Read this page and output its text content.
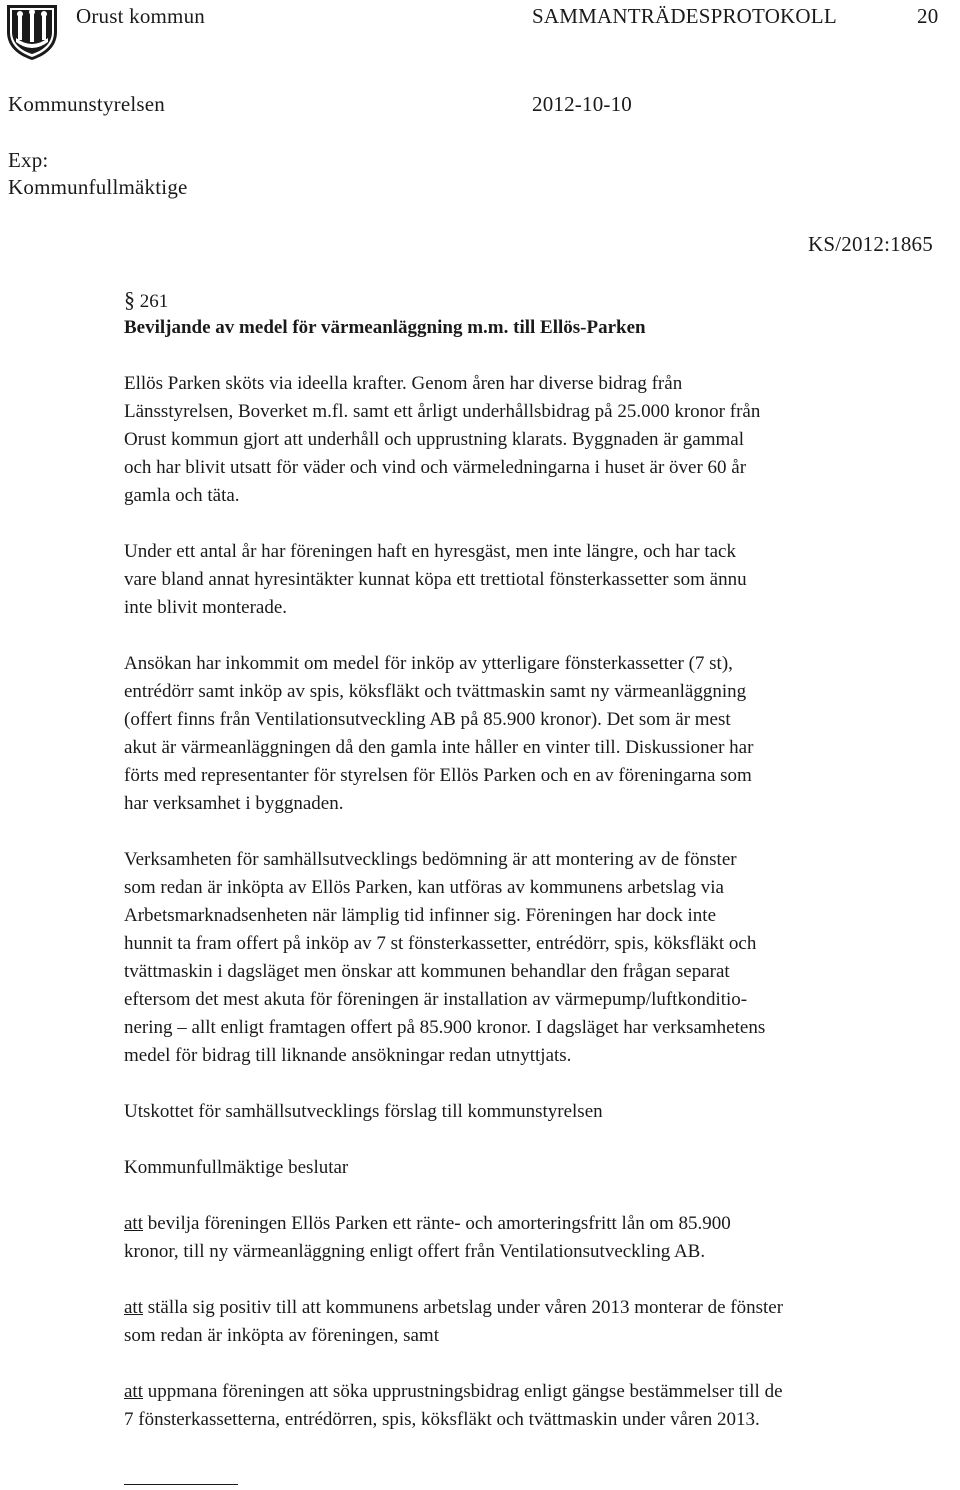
Orust kommun	SAMMANTRÄDESPROTOKOLL	20
Kommunstyrelsen	2012-10-10
Exp:
Kommunfullmäktige
KS/2012:1865
§ 261
Beviljande av medel för värmeanläggning m.m. till Ellös-Parken
Ellös Parken sköts via ideella krafter. Genom åren har diverse bidrag från
Länsstyrelsen, Boverket m.fl. samt ett årligt underhållsbidrag på 25.000 kronor från
Orust kommun gjort att underhåll och upprustning klarats. Byggnaden är gammal
och har blivit utsatt för väder och vind och värmeledningarna i huset är över 60 år
gamla och täta.
Under ett antal år har föreningen haft en hyresgäst, men inte längre, och har tack
vare bland annat hyresintäkter kunnat köpa ett trettiotal fönsterkassetter som ännu
inte blivit monterade.
Ansökan har inkommit om medel för inköp av ytterligare fönsterkassetter (7 st),
entrédörr samt inköp av spis, köksfläkt och tvättmaskin samt ny värmeanläggning
(offert finns från Ventilationsutveckling AB på 85.900 kronor). Det som är mest
akut är värmeanläggningen då den gamla inte håller en vinter till. Diskussioner har
förts med representanter för styrelsen för Ellös Parken och en av föreningarna som
har verksamhet i byggnaden.
Verksamheten för samhällsutvecklings bedömning är att montering av de fönster
som redan är inköpta av Ellös Parken, kan utföras av kommunens arbetslag via
Arbetsmarknadsenheten när lämplig tid infinner sig. Föreningen har dock inte
hunnit ta fram offert på inköp av 7 st fönsterkassetter, entrédörr, spis, köksfläkt och
tvättmaskin i dagsläget men önskar att kommunen behandlar den frågan separat
eftersom det mest akuta för föreningen är installation av värmepump/luftkonditio-
nering – allt enligt framtagen offert på 85.900 kronor. I dagsläget har verksamhetens
medel för bidrag till liknande ansökningar redan utnyttjats.
Utskottet för samhällsutvecklings förslag till kommunstyrelsen
Kommunfullmäktige beslutar
att bevilja föreningen Ellös Parken ett ränte- och amorteringsfritt lån om 85.900
kronor, till ny värmeanläggning enligt offert från Ventilationsutveckling AB.
att ställa sig positiv till att kommunens arbetslag under våren 2013 monterar de fönster
som redan är inköpta av föreningen, samt
att uppmana föreningen att söka upprustningsbidrag enligt gängse bestämmelser till de
7 fönsterkassetterna, entrédörren, spis, köksfläkt och tvättmaskin under våren 2013.
